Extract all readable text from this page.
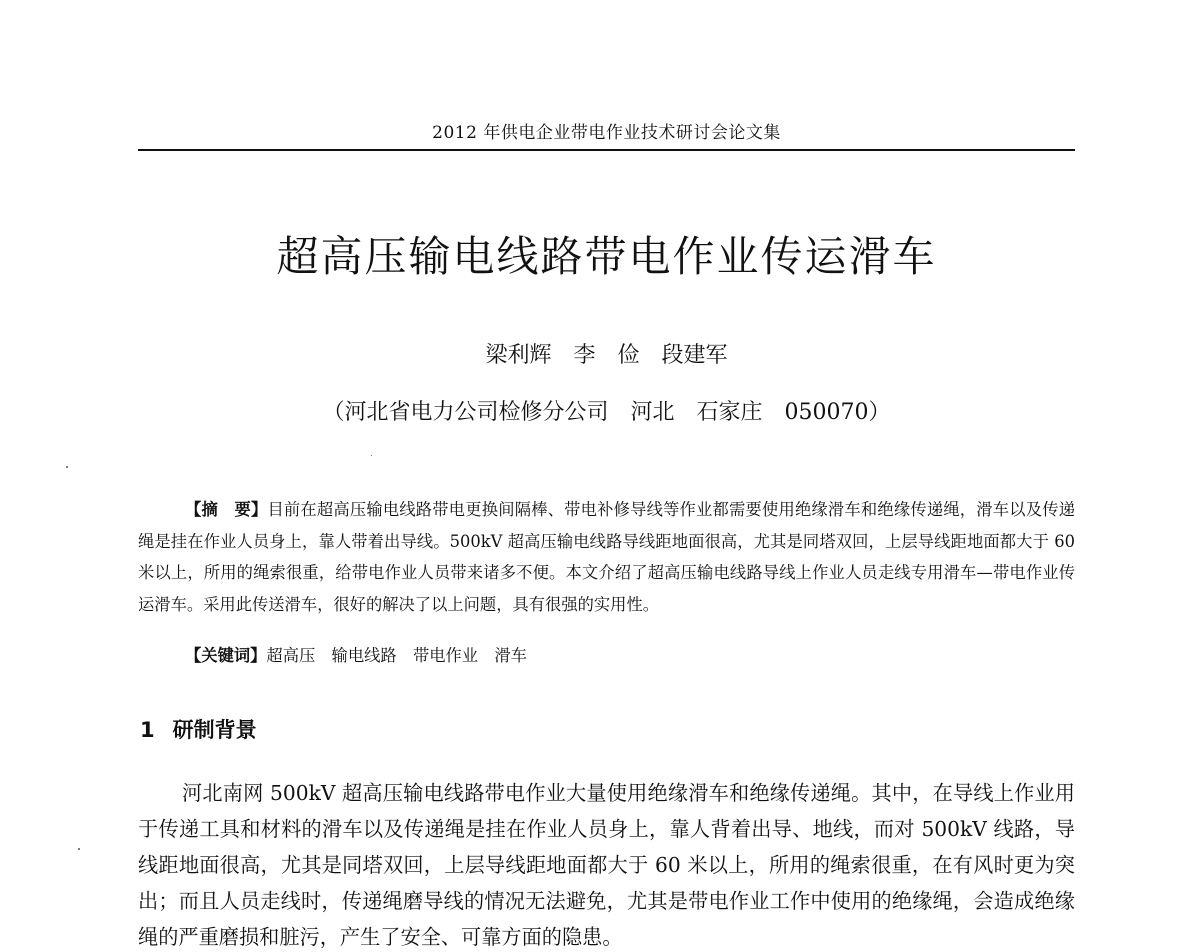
2012 年供电企业带电作业技术研讨会论文集
超高压输电线路带电作业传运滑车
梁利辉　李　俭　段建军
（河北省电力公司检修分公司　河北　石家庄　050070）

【摘　要】目前在超高压输电线路带电更换间隔棒、带电补修导线等作业都需要使用绝缘滑车和绝缘传递绳，滑车以及传递绳是挂在作业人员身上，靠人带着出导线。500kV 超高压输电线路导线距地面很高，尤其是同塔双回，上层导线距地面都大于 60 米以上，所用的绳索很重，给带电作业人员带来诸多不便。本文介绍了超高压输电线路导线上作业人员走线专用滑车—带电作业传运滑车。采用此传送滑车，很好的解决了以上问题，具有很强的实用性。

【关键词】超高压　输电线路　带电作业　滑车

1 研制背景

河北南网 500kV 超高压输电线路带电作业大量使用绝缘滑车和绝缘传递绳。其中，在导线上作业用于传递工具和材料的滑车以及传递绳是挂在作业人员身上，靠人背着出导、地线，而对 500kV 线路，导线距地面很高，尤其是同塔双回，上层导线距地面都大于 60 米以上，所用的绳索很重，在有风时更为突出；而且人员走线时，传递绳磨导线的情况无法避免，尤其是带电作业工作中使用的绝缘绳，会造成绝缘绳的严重磨损和脏污，产生了安全、可靠方面的隐患。
